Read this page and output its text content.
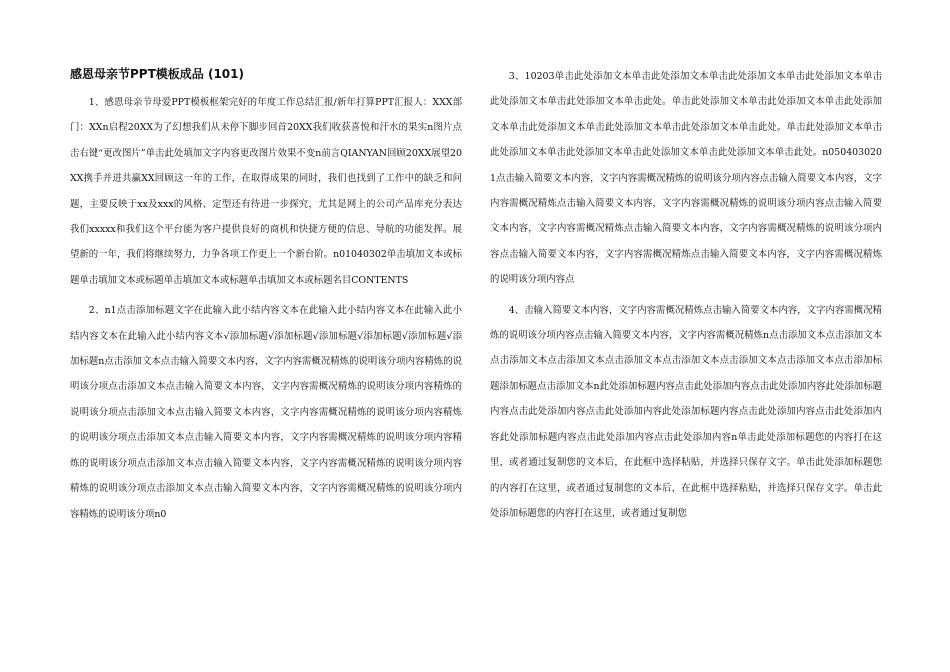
感恩母亲节PPT模板成品 (101)

1、感恩母亲节母爱PPT模板框架完好的年度工作总结汇报/新年打算PPT汇报人：XXX部门：XXn启程20XX为了幻想我们从未停下脚步回首20XX我们收获喜悦和汗水的果实n图片点击右键“更改图片”单击此处填加文字内容更改图片效果不变n前言QIANYAN回顾20XX展望20XX携手并进共赢XX回顾这一年的工作，在取得成果的同时，我们也找到了工作中的缺乏和问题，主要反映于xx及xxx的风格、定型还有待进一步探究，尤其是网上的公司产品库充分表达我们xxxxx和我们这个平台能为客户提供良好的商机和快捷方便的信息、导航的功能发挥。展望新的一年，我们将继续努力，力争各项工作更上一个新台阶。n01040302单击填加文本或标题单击填加文本或标题单击填加文本或标题单击填加文本或标题名目CONTENTS

2、n1点击添加标题文字在此输入此小结内容文本在此输入此小结内容文本在此输入此小结内容文本在此输入此小结内容文本√添加标题√添加标题√添加标题√添加标题√添加标题√添加标题n点击添加文本点击输入简要文本内容，文字内容需概况精炼的说明该分项内容精炼的说明该分项点击添加文本点击输入简要文本内容，文字内容需概况精炼的说明该分项内容精炼的说明该分项点击添加文本点击输入简要文本内容，文字内容需概况精炼的说明该分项内容精炼的说明该分项点击添加文本点击输入简要文本内容，文字内容需概况精炼的说明该分项内容精炼的说明该分项点击添加文本点击输入简要文本内容，文字内容需概况精炼的说明该分项内容精炼的说明该分项点击添加文本点击输入简要文本内容，文字内容需概况精炼的说明该分项内容精炼的说明该分项n0

3、10203单击此处添加文本单击此处添加文本单击此处添加文本单击此处添加文本单击此处添加文本单击此处添加文本单击此处。单击此处添加文本单击此处添加文本单击此处添加文本单击此处添加文本单击此处添加文本单击此处添加文本单击此处。单击此处添加文本单击此处添加文本单击此处添加文本单击此处添加文本单击此处添加文本单击此处。n0504030201点击输入简要文本内容，文字内容需概况精炼的说明该分项内容点击输入简要文本内容，文字内容需概况精炼点击输入简要文本内容，文字内容需概况精炼的说明该分项内容点击输入简要文本内容，文字内容需概况精炼点击输入简要文本内容，文字内容需概况精炼的说明该分项内容点击输入简要文本内容，文字内容需概况精炼点击输入简要文本内容，文字内容需概况精炼的说明该分项内容点

4、击输入简要文本内容，文字内容需概况精炼点击输入简要文本内容，文字内容需概况精炼的说明该分项内容点击输入简要文本内容，文字内容需概况精炼n点击添加文本点击添加文本点击添加文本点击添加文本点击添加文本点击添加文本点击添加文本点击添加文本点击添加标题添加标题点击添加文本n此处添加标题内容点击此处添加内容点击此处添加内容此处添加标题内容点击此处添加内容点击此处添加内容此处添加标题内容点击此处添加内容点击此处添加内容此处添加标题内容点击此处添加内容点击此处添加内容n单击此处添加标题您的内容打在这里，或者通过复制您的文本后，在此框中选择粘贴，并选择只保存文字。单击此处添加标题您的内容打在这里，或者通过复制您的文本后，在此框中选择粘贴，并选择只保存文字。单击此处添加标题您的内容打在这里，或者通过复制您
